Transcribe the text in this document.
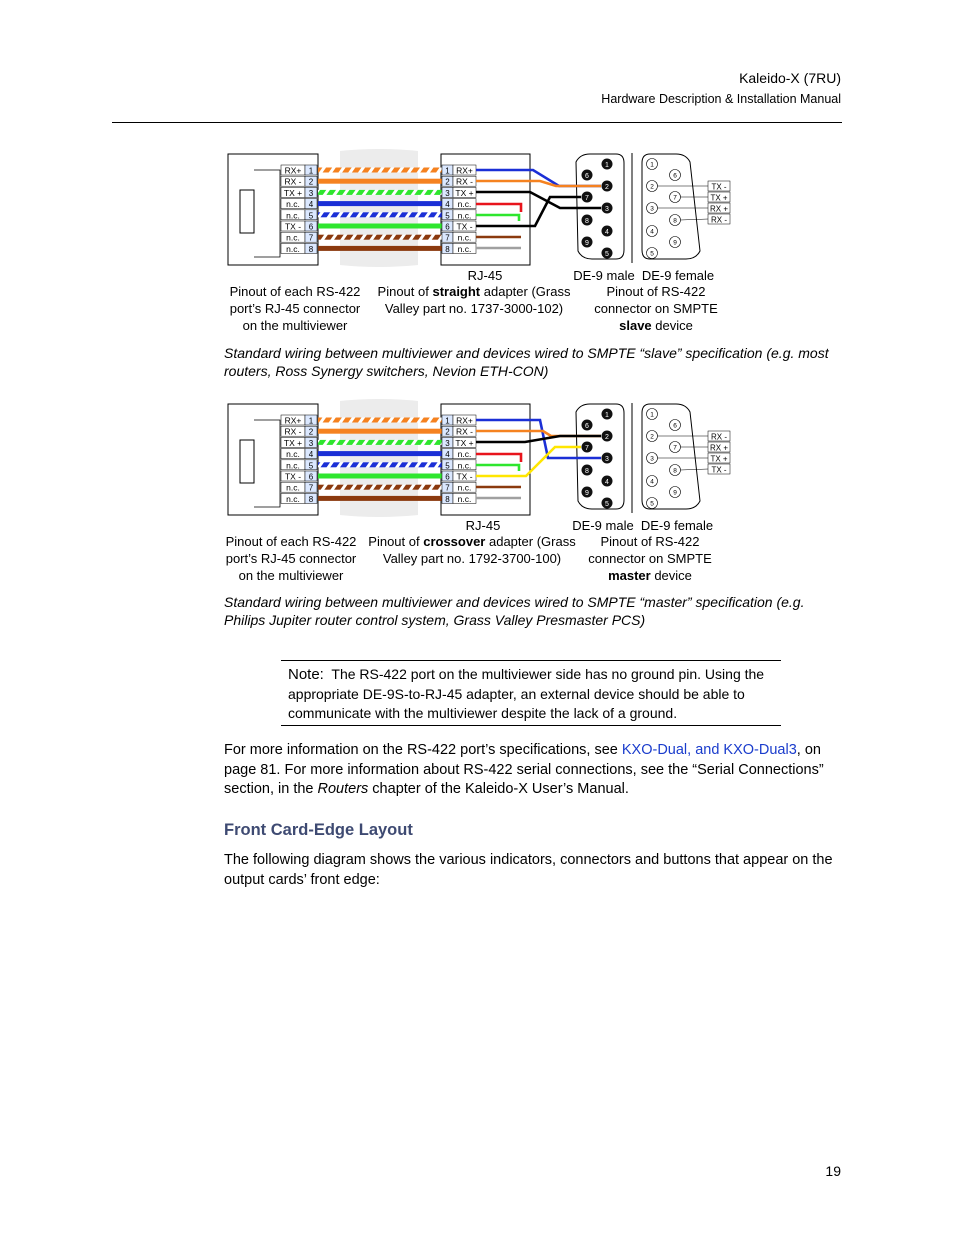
Kaleido-X (7RU)
Hardware Description & Installation Manual
RX+ 1	1 RX+
RX - 2	2 RX -
TX + 3	3 TX +
n.c. 4	4 n.c.
n.c. 5	5 n.c.
TX - 6	6 TX -
n.c. 7	7 n.c.
n.c. 8	8 n.c.
1
2
3
4
5
6
7
8
9
1
2
3
4
5
6
7
8
9
TX -
TX +
RX +
RX -
RJ-45	DE-9 male DE-9 female
Pinout of each RS-422
port’s RJ-45 connector
on the multiviewer
Pinout of straight adapter (Grass
Valley part no. 1737-3000-102)
Pinout of RS-422
connector on SMPTE
slave device
Standard wiring between multiviewer and devices wired to SMPTE “slave” specification (e.g. most routers, Ross Synergy switchers, Nevion ETH-CON)
RX+ 1	1 RX+
RX - 2	2 RX -
TX + 3	3 TX +
n.c. 4	4 n.c.
n.c. 5	5 n.c.
TX - 6	6 TX -
n.c. 7	7 n.c.
n.c. 8	8 n.c.
1
2
3
4
5
6
7
8
9
1
2
3
4
5
6
7
8
9
RX -
RX +
TX +
TX -
RJ-45	DE-9 male DE-9 female
Pinout of each RS-422
port’s RJ-45 connector
on the multiviewer
Pinout of crossover adapter (Grass
Valley part no. 1792-3700-100)
Pinout of RS-422
connector on SMPTE
master device
Standard wiring between multiviewer and devices wired to SMPTE “master” specification (e.g. Philips Jupiter router control system, Grass Valley Presmaster PCS)
Note: The RS-422 port on the multiviewer side has no ground pin. Using the appropriate DE-9S-to-RJ-45 adapter, an external device should be able to communicate with the multiviewer despite the lack of a ground.
For more information on the RS-422 port’s specifications, see KXO-Dual, and KXO-Dual3, on page 81. For more information about RS-422 serial connections, see the “Serial Connections” section, in the Routers chapter of the Kaleido-X User’s Manual.
Front Card-Edge Layout
The following diagram shows the various indicators, connectors and buttons that appear on the output cards’ front edge:
19
